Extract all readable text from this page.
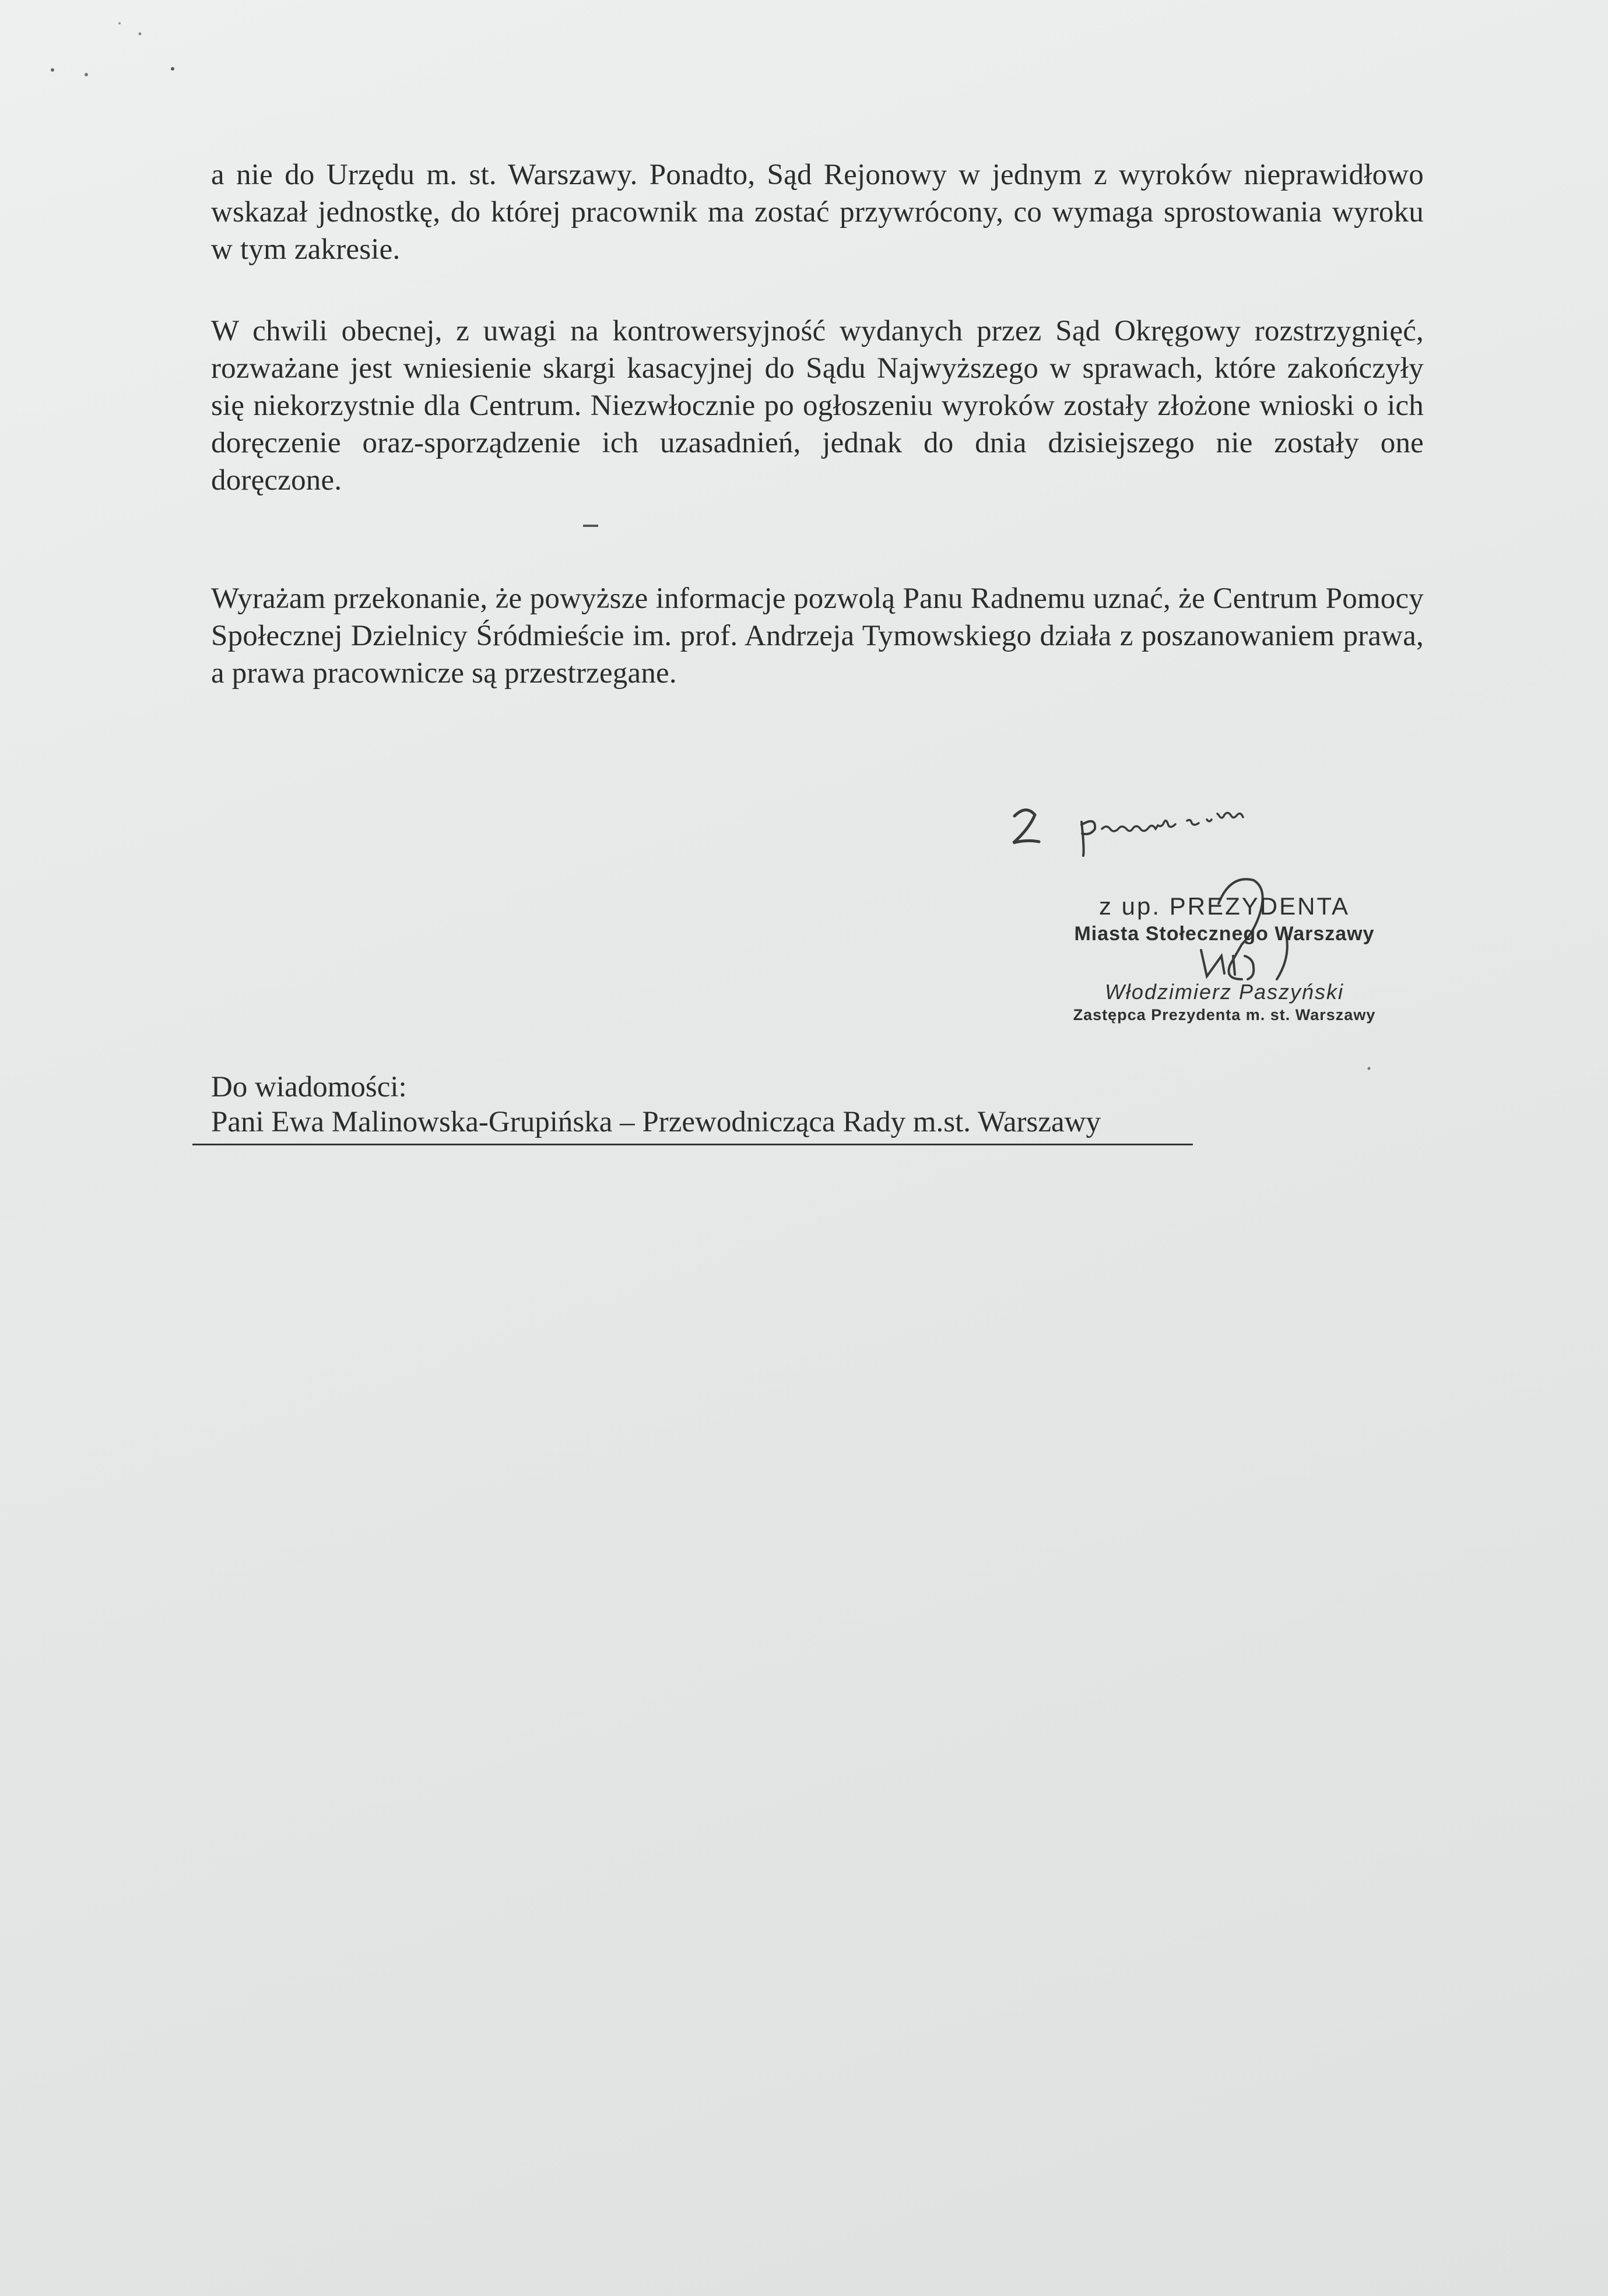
a nie do Urzędu m. st. Warszawy. Ponadto, Sąd Rejonowy w jednym z wyroków nieprawidłowo wskazał jednostkę, do której pracownik ma zostać przywrócony, co wymaga sprostowania wyroku w tym zakresie.

W chwili obecnej, z uwagi na kontrowersyjność wydanych przez Sąd Okręgowy rozstrzygnięć, rozważane jest wniesienie skargi kasacyjnej do Sądu Najwyższego w sprawach, które zakończyły się niekorzystnie dla Centrum. Niezwłocznie po ogłoszeniu wyroków zostały złożone wnioski o ich doręczenie oraz-sporządzenie ich uzasadnień, jednak do dnia dzisiejszego nie zostały one doręczone.

Wyrażam przekonanie, że powyższe informacje pozwolą Panu Radnemu uznać, że Centrum Pomocy Społecznej Dzielnicy Śródmieście im. prof. Andrzeja Tymowskiego działa z poszanowaniem prawa, a prawa pracownicze są przestrzegane.

z up. PREZYDENTA
Miasta Stołecznego Warszawy
Włodzimierz Paszyński
Zastępca Prezydenta m. st. Warszawy
Do wiadomości:
Pani Ewa Malinowska-Grupińska – Przewodnicząca Rady m.st. Warszawy
